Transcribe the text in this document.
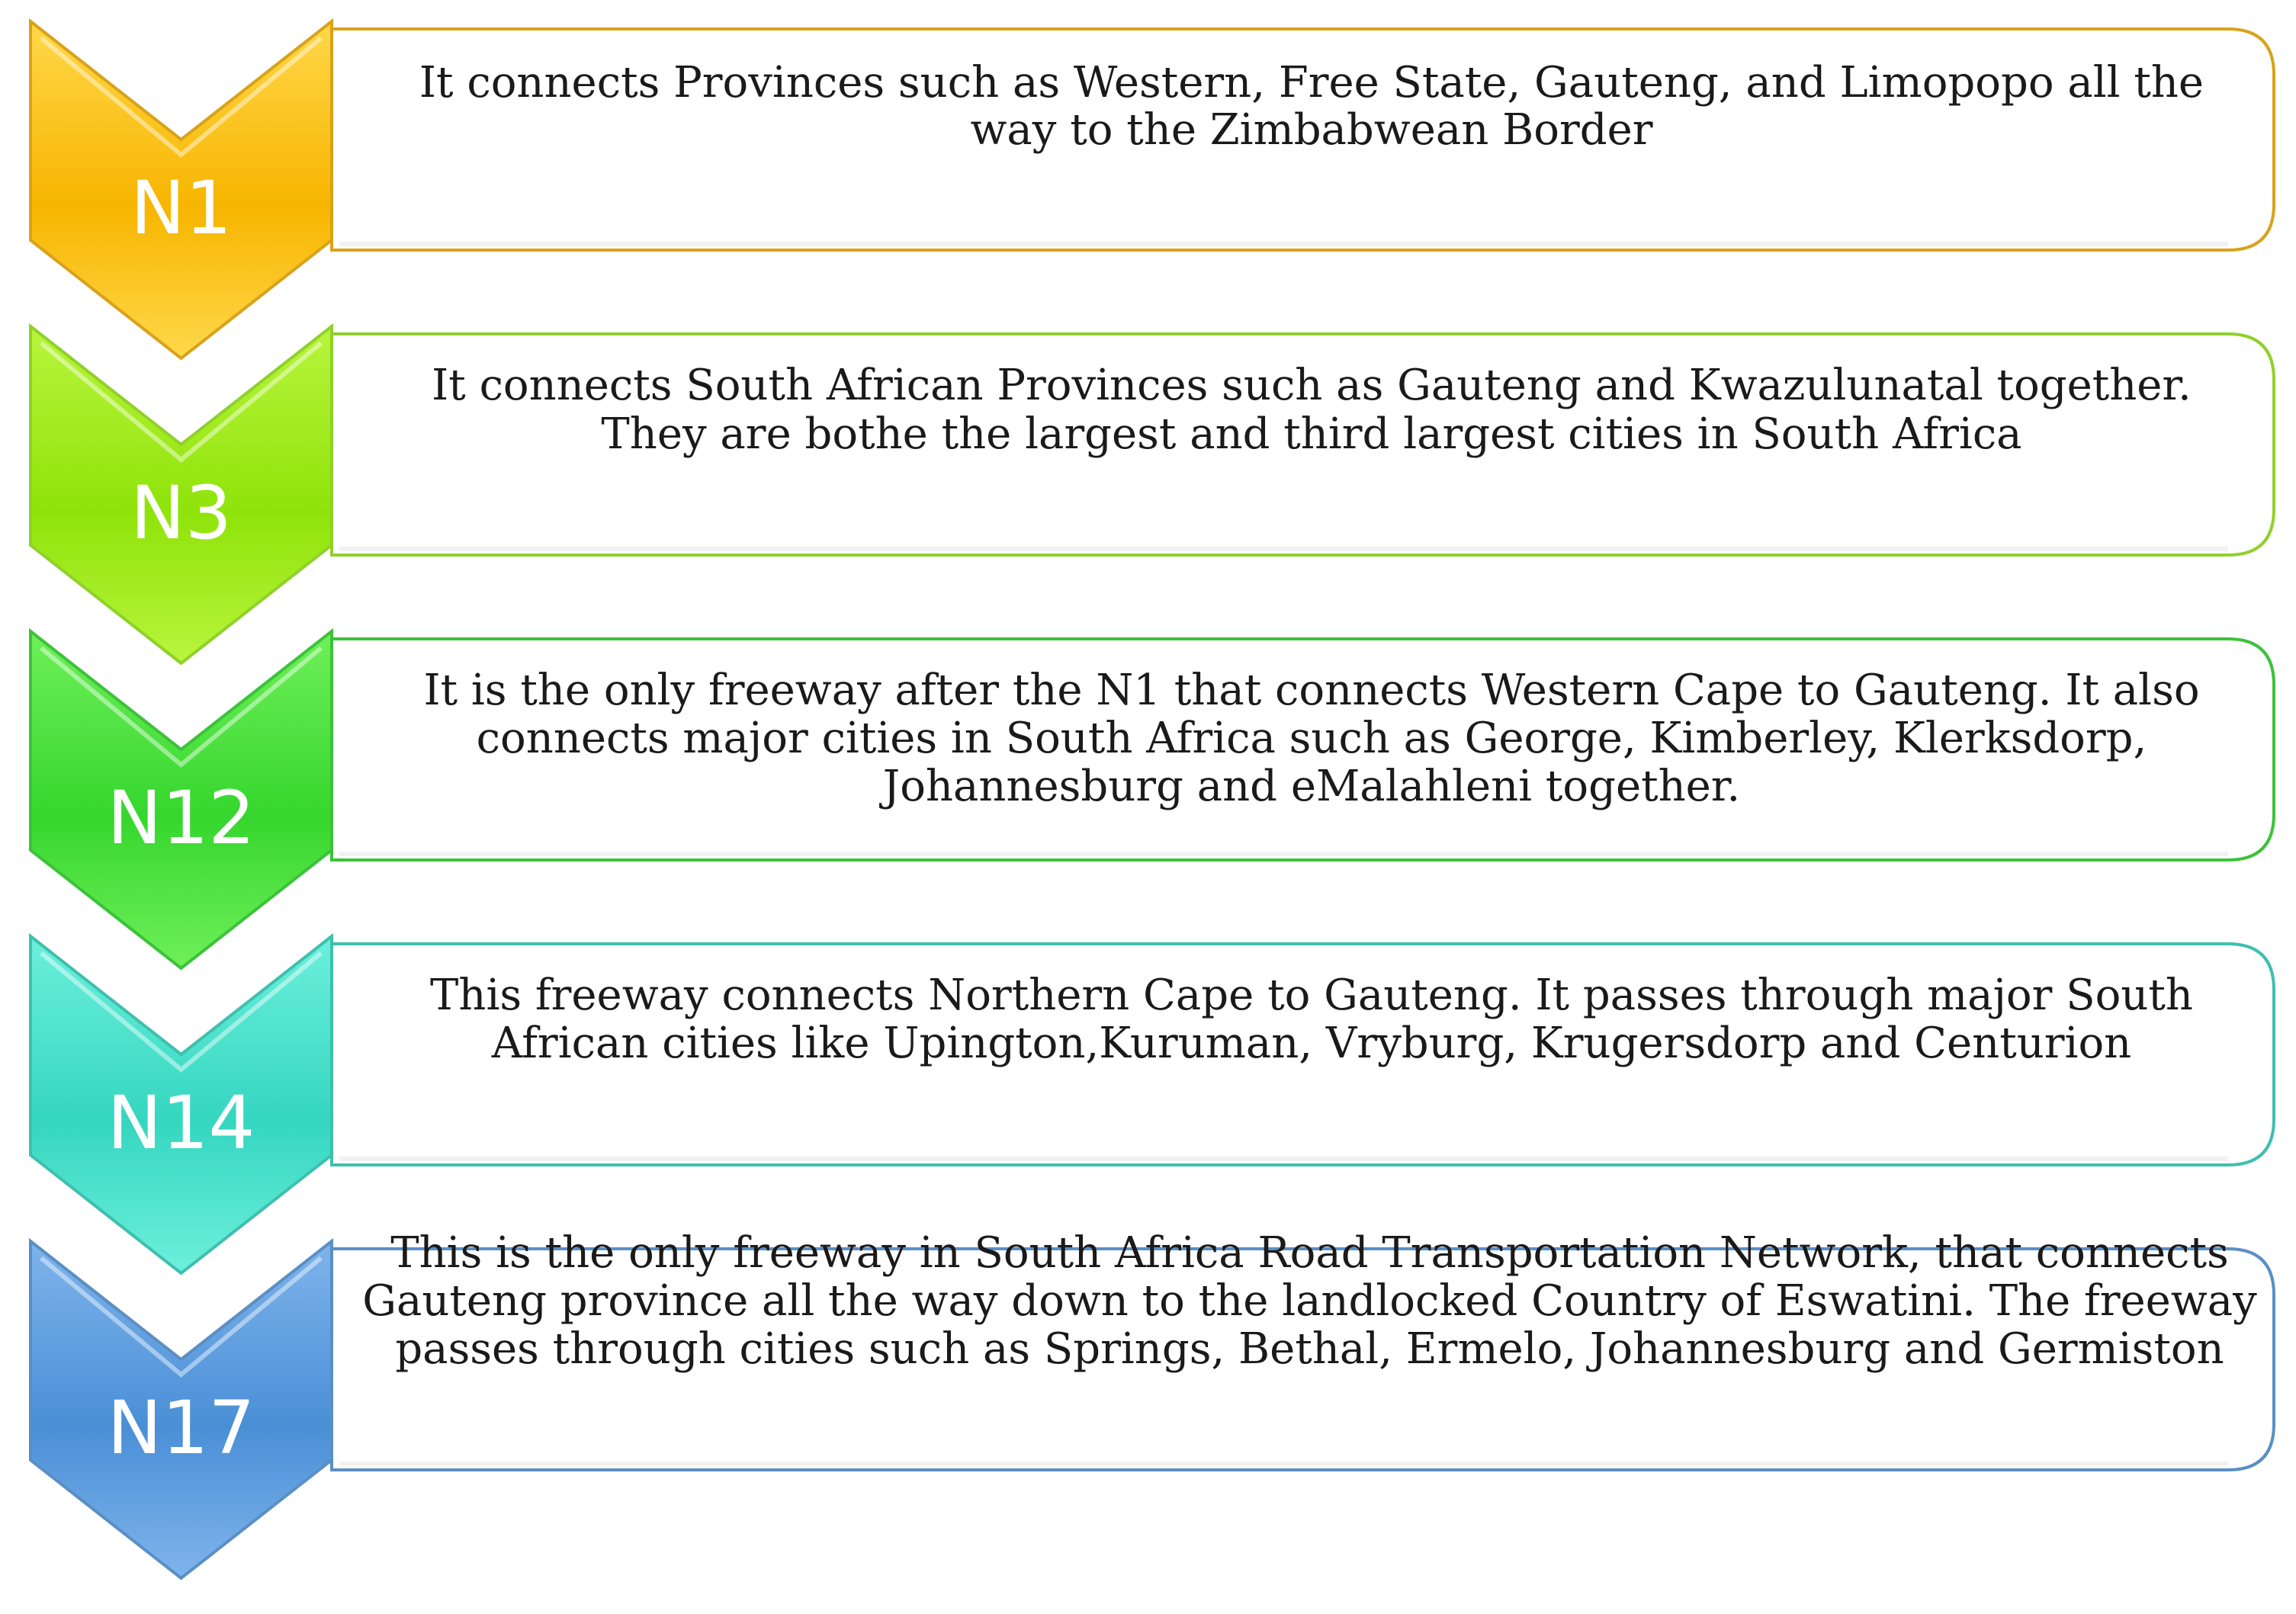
N1
N3
N12
N14
N17
It connects Provinces such as Western, Free State, Gauteng, and Limopopo all the way to the Zimbabwean Border
It connects South African Provinces such as Gauteng and Kwazulunatal together. They are bothe the largest and third largest cities in South Africa
It is the only freeway after the N1 that connects Western Cape to Gauteng. It also connects major cities in South Africa such as George, Kimberley, Klerksdorp, Johannesburg and eMalahleni together.
This freeway connects Northern Cape to Gauteng. It passes through major South African cities like Upington,Kuruman, Vryburg, Krugersdorp and Centurion
This is the only freeway in South Africa Road Transportation Network, that connects Gauteng province all the way down to the landlocked Country of Eswatini. The freeway passes through cities such as Springs, Bethal, Ermelo, Johannesburg and Germiston
